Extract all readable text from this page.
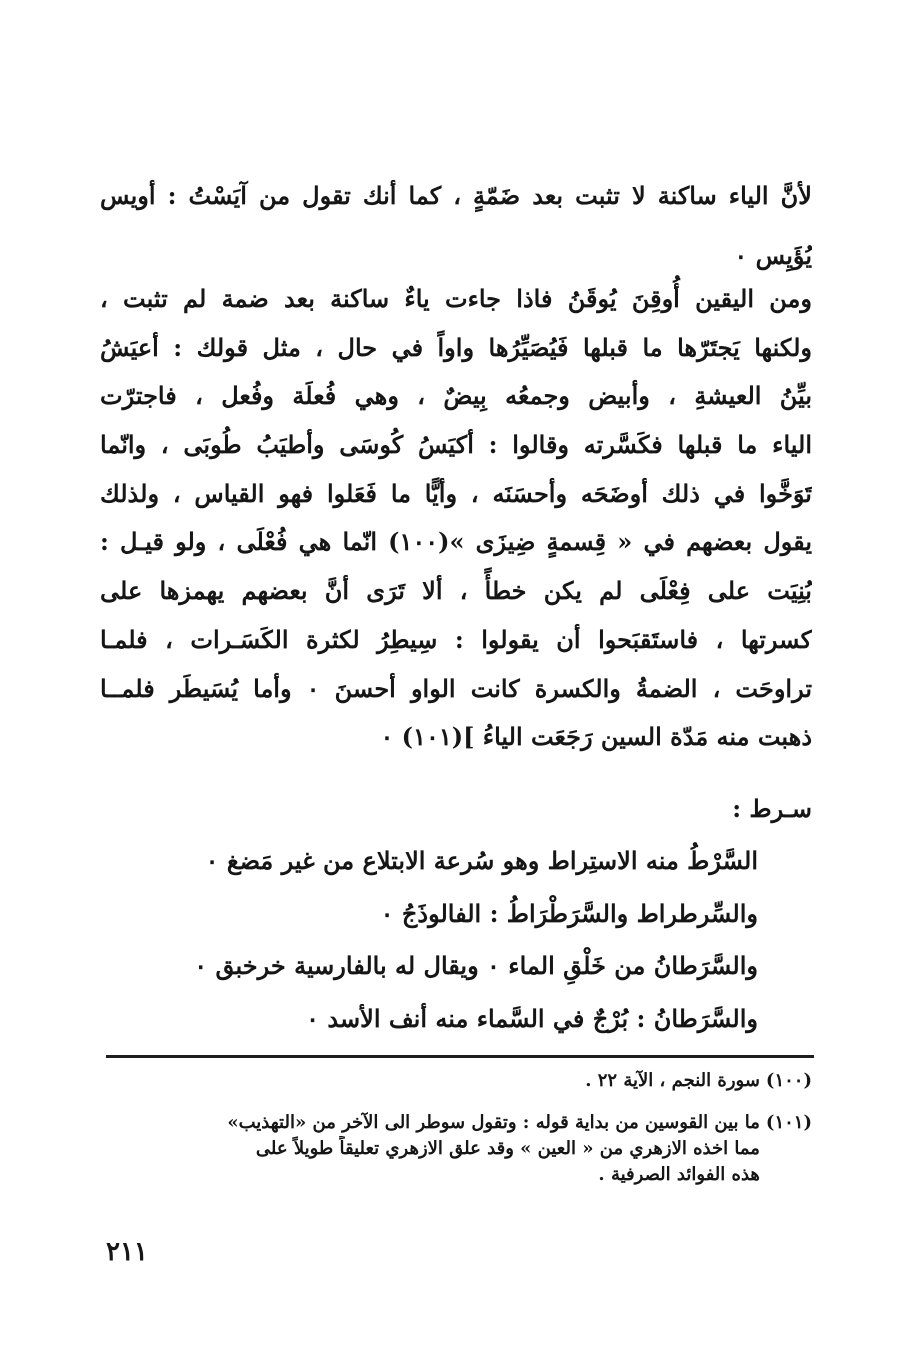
لأنَّ الياء ساكنة لا تثبت بعد ضَمّةٍ ، كما أنك تقول من آيَسْتُ : أويس
يُؤَيِس ٠
ومن اليقين أُوقِنَ يُوقَنُ فاذا جاءت ياءٌ ساكنة بعد ضمة لم تثبت ،
ولكنها يَجتَرّها ما قبلها فَيُصَيِّرُها واواً في حال ، مثل قولك : أعيَشُ
بيِّنُ العيشةِ ، وأبيض وجمعُه بِيضٌ ، وهي فُعلَة وفُعل ، فاجترّت
الياء ما قبلها فكَسَّرته وقالوا : أكيَسُ كُوسَى وأطيَبُ طُوبَى ، وانّما
تَوَخَّوا في ذلك أوضَحَه وأحسَنَه ، وأيًّا ما فَعَلوا فهو القياس ، ولذلك
يقول بعضهم في « قِسمةٍ ضِيزَى »(١٠٠) انّما هي فُعْلَى ، ولو قيـل :
بُنِيَت على فِعْلَى لم يكن خطأً ، ألا تَرَى أنَّ بعضهم يهمزها على
كسرتها ، فاستَقبَحوا أن يقولوا : سِيطِرُ لكثرة الكَسَـرات ، فلمـا
تراوحَت ، الضمةُ والكسرة كانت الواو أحسنَ ٠ وأما يُسَيطَر فلمــا
ذهبت منه مَدّة السين رَجَعَت الياءُ ](١٠١) ٠
سـرط :
السَّرْطُ منه الاستِراط وهو سُرعة الابتلاع من غير مَضغ ٠
والسِّرطراط والسَّرَطْرَاطُ : الفالوذَجُ ٠
والسَّرَطانُ من خَلْقِ الماء ٠ ويقال له بالفارسية خرخبق ٠
والسَّرَطانُ : بُرْجٌ في السَّماء منه أنف الأسد ٠
(١٠٠)
سورة النجم ، الآية ٢٢ .
(١٠١)
ما بين القوسين من بداية قوله : وتقول سوطر الى الآخر من «التهذيب»
مما اخذه الازهري من « العين » وقد علق الازهري تعليقاً طويلاً على
هذه الفوائد الصرفية .
٢١١
